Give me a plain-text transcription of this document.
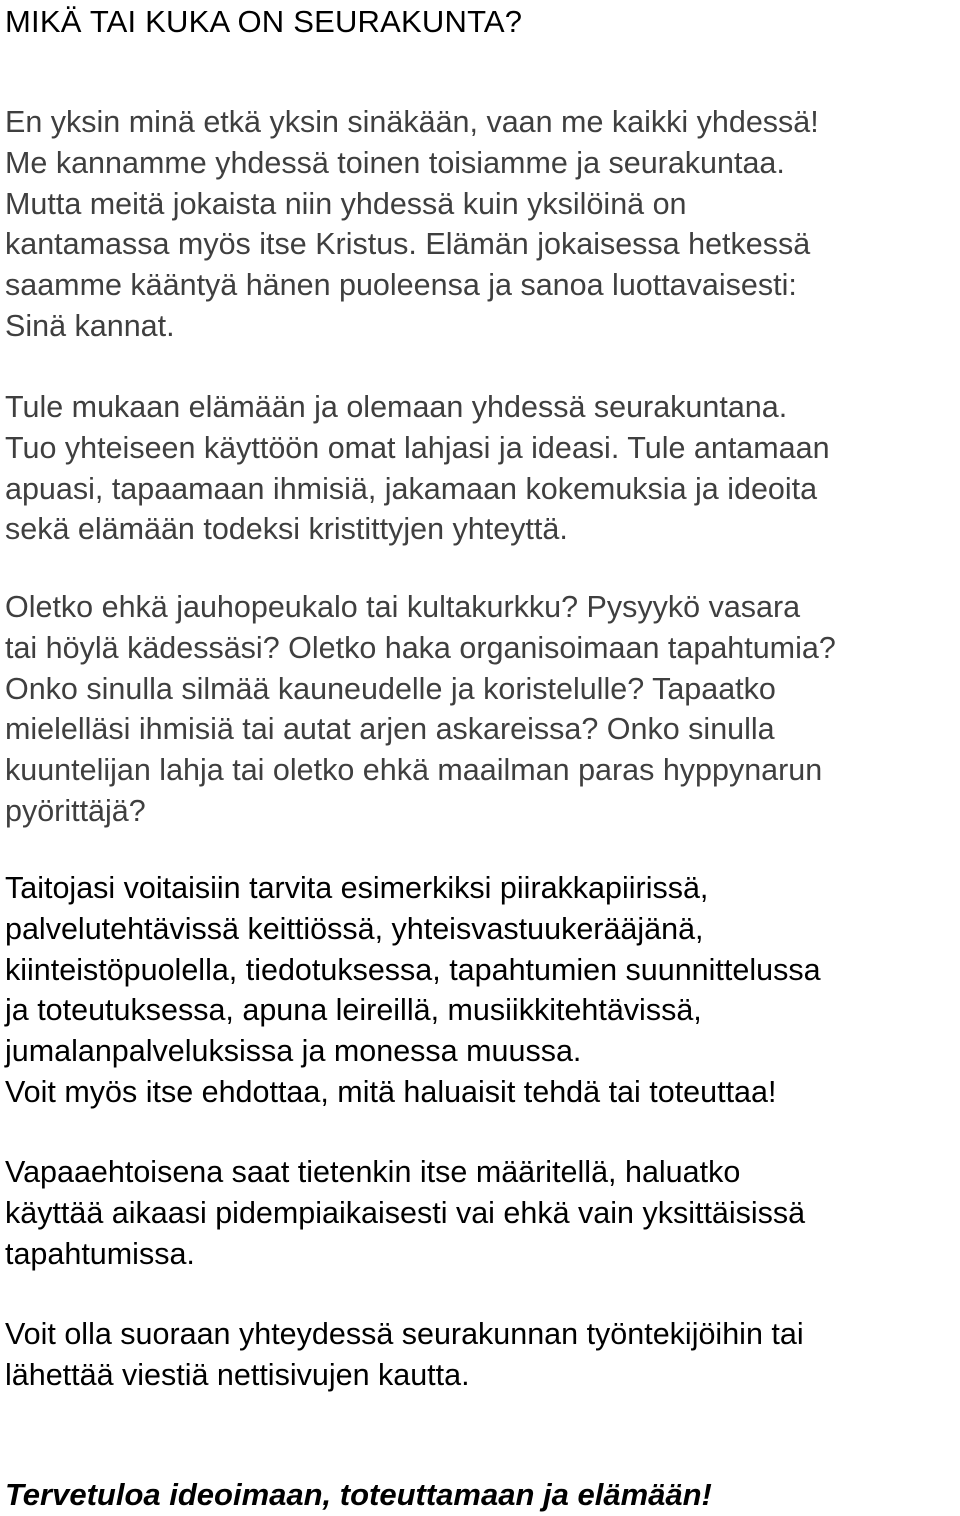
MIKÄ TAI KUKA ON SEURAKUNTA?

En yksin minä etkä yksin sinäkään, vaan me kaikki yhdessä!
Me kannamme yhdessä toinen toisiamme ja seurakuntaa.
Mutta meitä jokaista niin yhdessä kuin yksilöinä on
kantamassa myös itse Kristus. Elämän jokaisessa hetkessä
saamme kääntyä hänen puoleensa ja sanoa luottavaisesti:
Sinä kannat.

Tule mukaan elämään ja olemaan yhdessä seurakuntana.
Tuo yhteiseen käyttöön omat lahjasi ja ideasi. Tule antamaan
apuasi, tapaamaan ihmisiä, jakamaan kokemuksia ja ideoita
sekä elämään todeksi kristittyjen yhteyttä.

Oletko ehkä jauhopeukalo tai kultakurkku? Pysyykö vasara
tai höylä kädessäsi? Oletko haka organisoimaan tapahtumia?
Onko sinulla silmää kauneudelle ja koristelulle? Tapaatko
mielelläsi ihmisiä tai autat arjen askareissa? Onko sinulla
kuuntelijan lahja tai oletko ehkä maailman paras hyppynarun
pyörittäjä?

Taitojasi voitaisiin tarvita esimerkiksi piirakkapiirissä,
palvelutehtävissä keittiössä, yhteisvastuukerääjänä,
kiinteistöpuolella, tiedotuksessa, tapahtumien suunnittelussa
ja toteutuksessa, apuna leireillä, musiikkitehtävissä,
jumalanpalveluksissa ja monessa muussa.
Voit myös itse ehdottaa, mitä haluaisit tehdä tai toteuttaa!

Vapaaehtoisena saat tietenkin itse määritellä, haluatko
käyttää aikaasi pidempiaikaisesti vai ehkä vain yksittäisissä
tapahtumissa.

Voit olla suoraan yhteydessä seurakunnan työntekijöihin tai
lähettää viestiä nettisivujen kautta.

Tervetuloa ideoimaan, toteuttamaan ja elämään!
